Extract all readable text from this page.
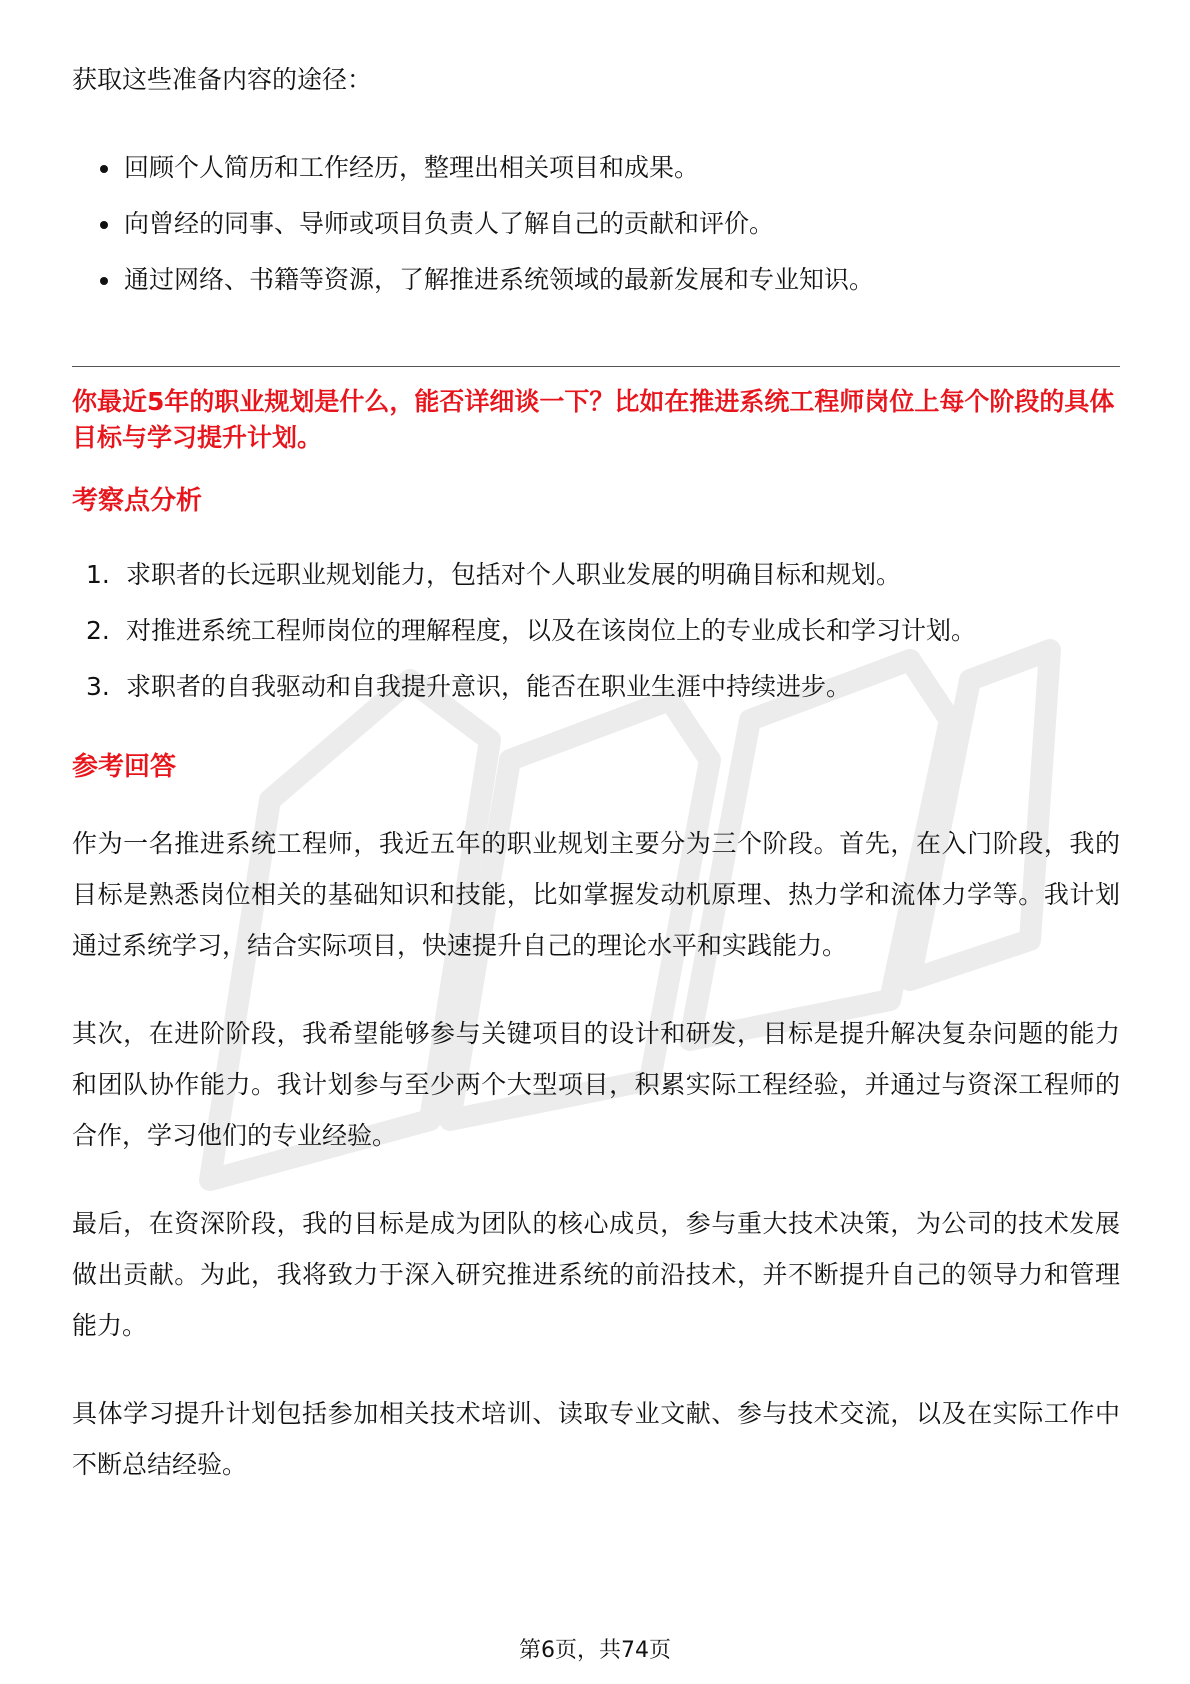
获取这些准备内容的途径：

回顾个人简历和工作经历，整理出相关项目和成果。
向曾经的同事、导师或项目负责人了解自己的贡献和评价。
通过网络、书籍等资源，了解推进系统领域的最新发展和专业知识。

你最近5年的职业规划是什么，能否详细谈一下？比如在推进系统工程师岗位上每个阶段的具体目标与学习提升计划。

考察点分析

1. 求职者的长远职业规划能力，包括对个人职业发展的明确目标和规划。
2. 对推进系统工程师岗位的理解程度，以及在该岗位上的专业成长和学习计划。
3. 求职者的自我驱动和自我提升意识，能否在职业生涯中持续进步。

参考回答

作为一名推进系统工程师，我近五年的职业规划主要分为三个阶段。首先，在入门阶段，我的目标是熟悉岗位相关的基础知识和技能，比如掌握发动机原理、热力学和流体力学等。我计划通过系统学习，结合实际项目，快速提升自己的理论水平和实践能力。

其次，在进阶阶段，我希望能够参与关键项目的设计和研发，目标是提升解决复杂问题的能力和团队协作能力。我计划参与至少两个大型项目，积累实际工程经验，并通过与资深工程师的合作，学习他们的专业经验。

最后，在资深阶段，我的目标是成为团队的核心成员，参与重大技术决策，为公司的技术发展做出贡献。为此，我将致力于深入研究推进系统的前沿技术，并不断提升自己的领导力和管理能力。

具体学习提升计划包括参加相关技术培训、读取专业文献、参与技术交流，以及在实际工作中不断总结经验。

第6页，共74页
